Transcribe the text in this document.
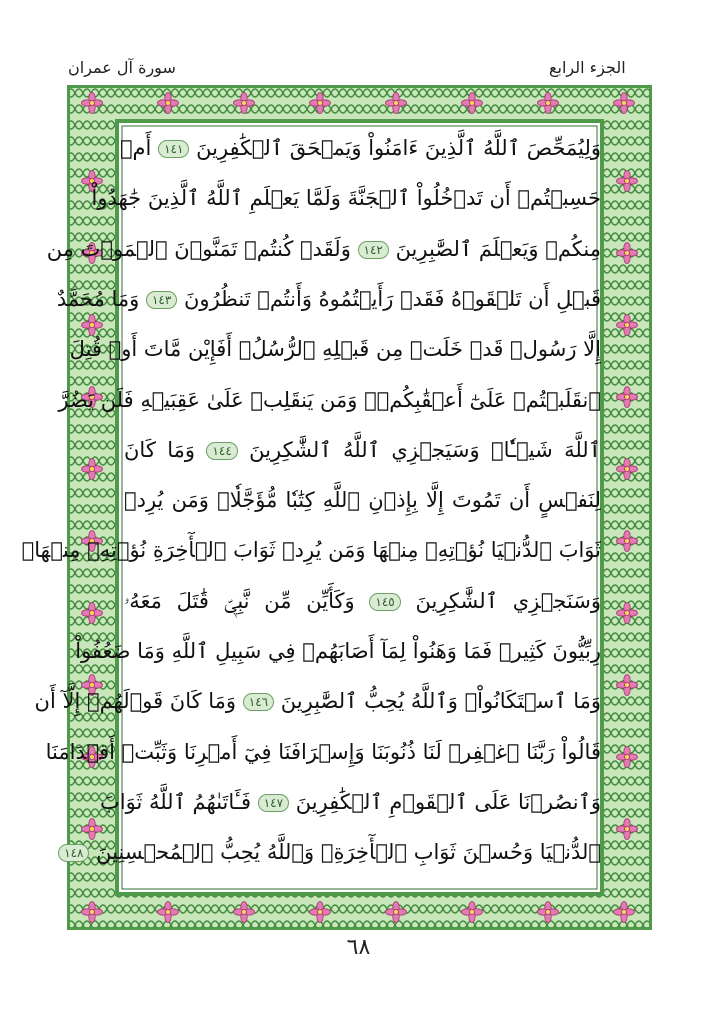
الجزء الرابع
سورة آل عمران
وَلِيُمَحِّصَ ٱللَّهُ ٱلَّذِينَ ءَامَنُواْ وَيَمۡحَقَ ٱلۡكَٰفِرِينَ ١٤١ أَمۡ
حَسِبۡتُمۡ أَن تَدۡخُلُواْ ٱلۡجَنَّةَ وَلَمَّا يَعۡلَمِ ٱللَّهُ ٱلَّذِينَ جَٰهَدُواْ
مِنكُمۡ وَيَعۡلَمَ ٱلصَّٰبِرِينَ ١٤٢ وَلَقَدۡ كُنتُمۡ تَمَنَّوۡنَ ٱلۡمَوۡتَ مِن
قَبۡلِ أَن تَلۡقَوۡهُ فَقَدۡ رَأَيۡتُمُوهُ وَأَنتُمۡ تَنظُرُونَ ١٤٣ وَمَا مُحَمَّدٌ
إِلَّا رَسُولٞ قَدۡ خَلَتۡ مِن قَبۡلِهِ ٱلرُّسُلُۚ أَفَإِيْن مَّاتَ أَوۡ قُتِلَ
ٱنقَلَبۡتُمۡ عَلَىٰٓ أَعۡقَٰبِكُمۡۚ وَمَن يَنقَلِبۡ عَلَىٰ عَقِبَيۡهِ فَلَن يَضُرَّ
ٱللَّهَ شَيۡـٔٗاۗ وَسَيَجۡزِي ٱللَّهُ ٱلشَّٰكِرِينَ ١٤٤ وَمَا كَانَ
لِنَفۡسٍ أَن تَمُوتَ إِلَّا بِإِذۡنِ ٱللَّهِ كِتَٰبٗا مُّؤَجَّلٗاۗ وَمَن يُرِدۡ
ثَوَابَ ٱلدُّنۡيَا نُؤۡتِهِۦ مِنۡهَا وَمَن يُرِدۡ ثَوَابَ ٱلۡأٓخِرَةِ نُؤۡتِهِۦ مِنۡهَاۚ
وَسَنَجۡزِي ٱلشَّٰكِرِينَ ١٤٥ وَكَأَيِّن مِّن نَّبِيّٖ قَٰتَلَ مَعَهُۥ
رِبِّيُّونَ كَثِيرٞ فَمَا وَهَنُواْ لِمَآ أَصَابَهُمۡ فِي سَبِيلِ ٱللَّهِ وَمَا ضَعُفُواْ
وَمَا ٱسۡتَكَانُواْۗ وَٱللَّهُ يُحِبُّ ٱلصَّٰبِرِينَ ١٤٦ وَمَا كَانَ قَوۡلَهُمۡ إِلَّآ أَن
قَالُواْ رَبَّنَا ٱغۡفِرۡ لَنَا ذُنُوبَنَا وَإِسۡرَافَنَا فِيٓ أَمۡرِنَا وَثَبِّتۡ أَقۡدَامَنَا
وَٱنصُرۡنَا عَلَى ٱلۡقَوۡمِ ٱلۡكَٰفِرِينَ ١٤٧ فَـَٔاتَىٰهُمُ ٱللَّهُ ثَوَابَ
ٱلدُّنۡيَا وَحُسۡنَ ثَوَابِ ٱلۡأٓخِرَةِۗ وَٱللَّهُ يُحِبُّ ٱلۡمُحۡسِنِينَ ١٤٨
٦٨
